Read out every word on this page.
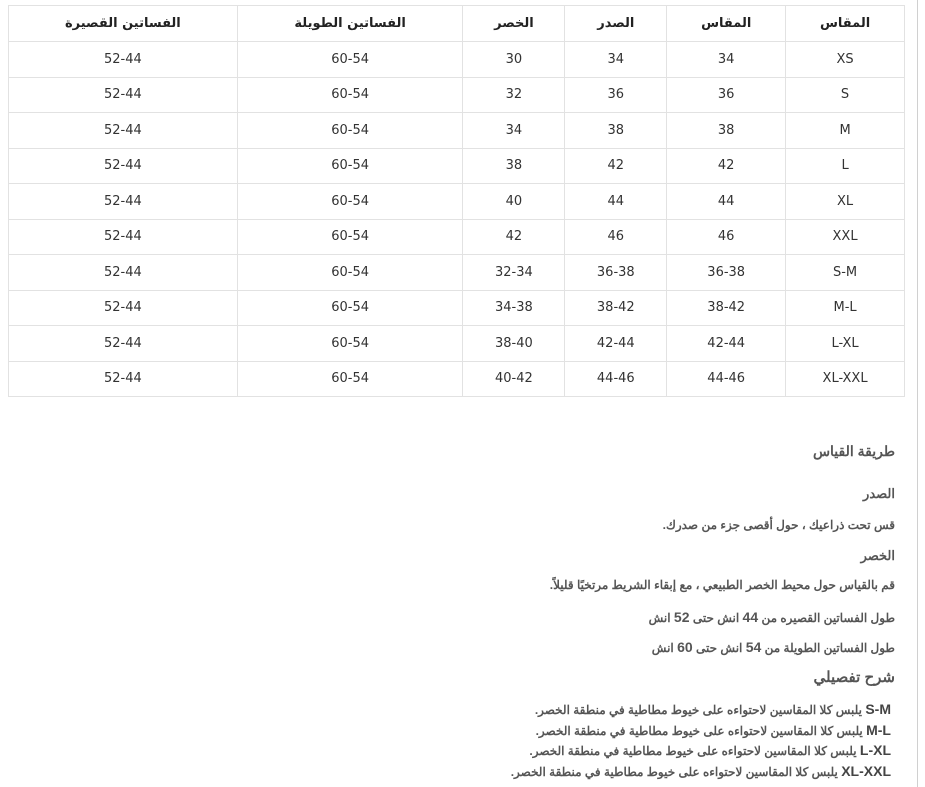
المقاس	المقاس	الصدر	الخصر	الفساتين الطويلة	الفساتين القصيرة
XS	34	34	30	60-54	52-44
S	36	36	32	60-54	52-44
M	38	38	34	60-54	52-44
L	42	42	38	60-54	52-44
XL	44	44	40	60-54	52-44
XXL	46	46	42	60-54	52-44
S-M	36-38	36-38	32-34	60-54	52-44
M-L	38-42	38-42	34-38	60-54	52-44
L-XL	42-44	42-44	38-40	60-54	52-44
XL-XXL	44-46	44-46	40-42	60-54	52-44
طريقة القياس
الصدر
قس تحت ذراعيك ، حول أقصى جزء من صدرك.
الخصر
قم بالقياس حول محيط الخصر الطبيعي ، مع إبقاء الشريط مرتخيًا قليلاً.
طول الفساتين القصيره من 44 انش حتى 52 انش
طول الفساتين الطويلة من 54 انش حتى 60 انش
شرح تفصيلي
S-M يلبس كلا المقاسين لاحتواءه على خيوط مطاطية في منطقة الخصر.
M-L يلبس كلا المقاسين لاحتواءه على خيوط مطاطية في منطقة الخصر.
L-XL يلبس كلا المقاسين لاحتواءه على خيوط مطاطية في منطقة الخصر.
XL-XXL يلبس كلا المقاسين لاحتواءه على خيوط مطاطية في منطقة الخصر.
